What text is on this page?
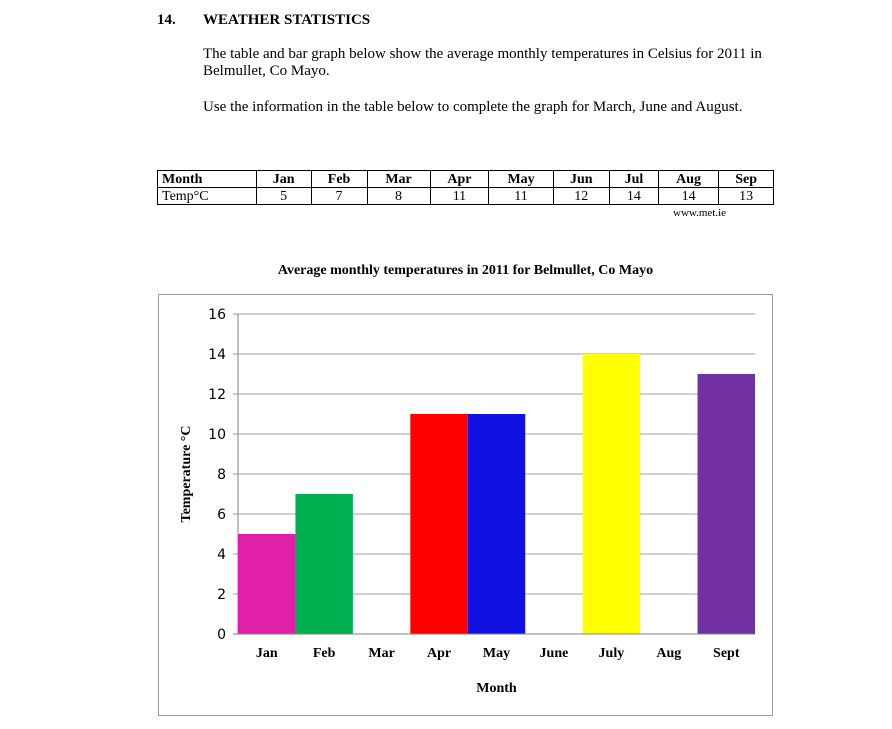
14. WEATHER STATISTICS
The table and bar graph below show the average monthly temperatures in Celsius for 2011 in Belmullet, Co Mayo.
Use the information in the table below to complete the graph for March, June and August.
Month	Jan	Feb	Mar	Apr	May	Jun	Jul	Aug	Sep
Temp°C	5	7	8	11	11	12	14	14	13
www.met.ie
Average monthly temperatures in 2011 for Belmullet, Co Mayo
0
2
4
6
8
10
12
14
16
Jan	Feb Mar Apr May June July Aug Sept
Month
Temperature °C
